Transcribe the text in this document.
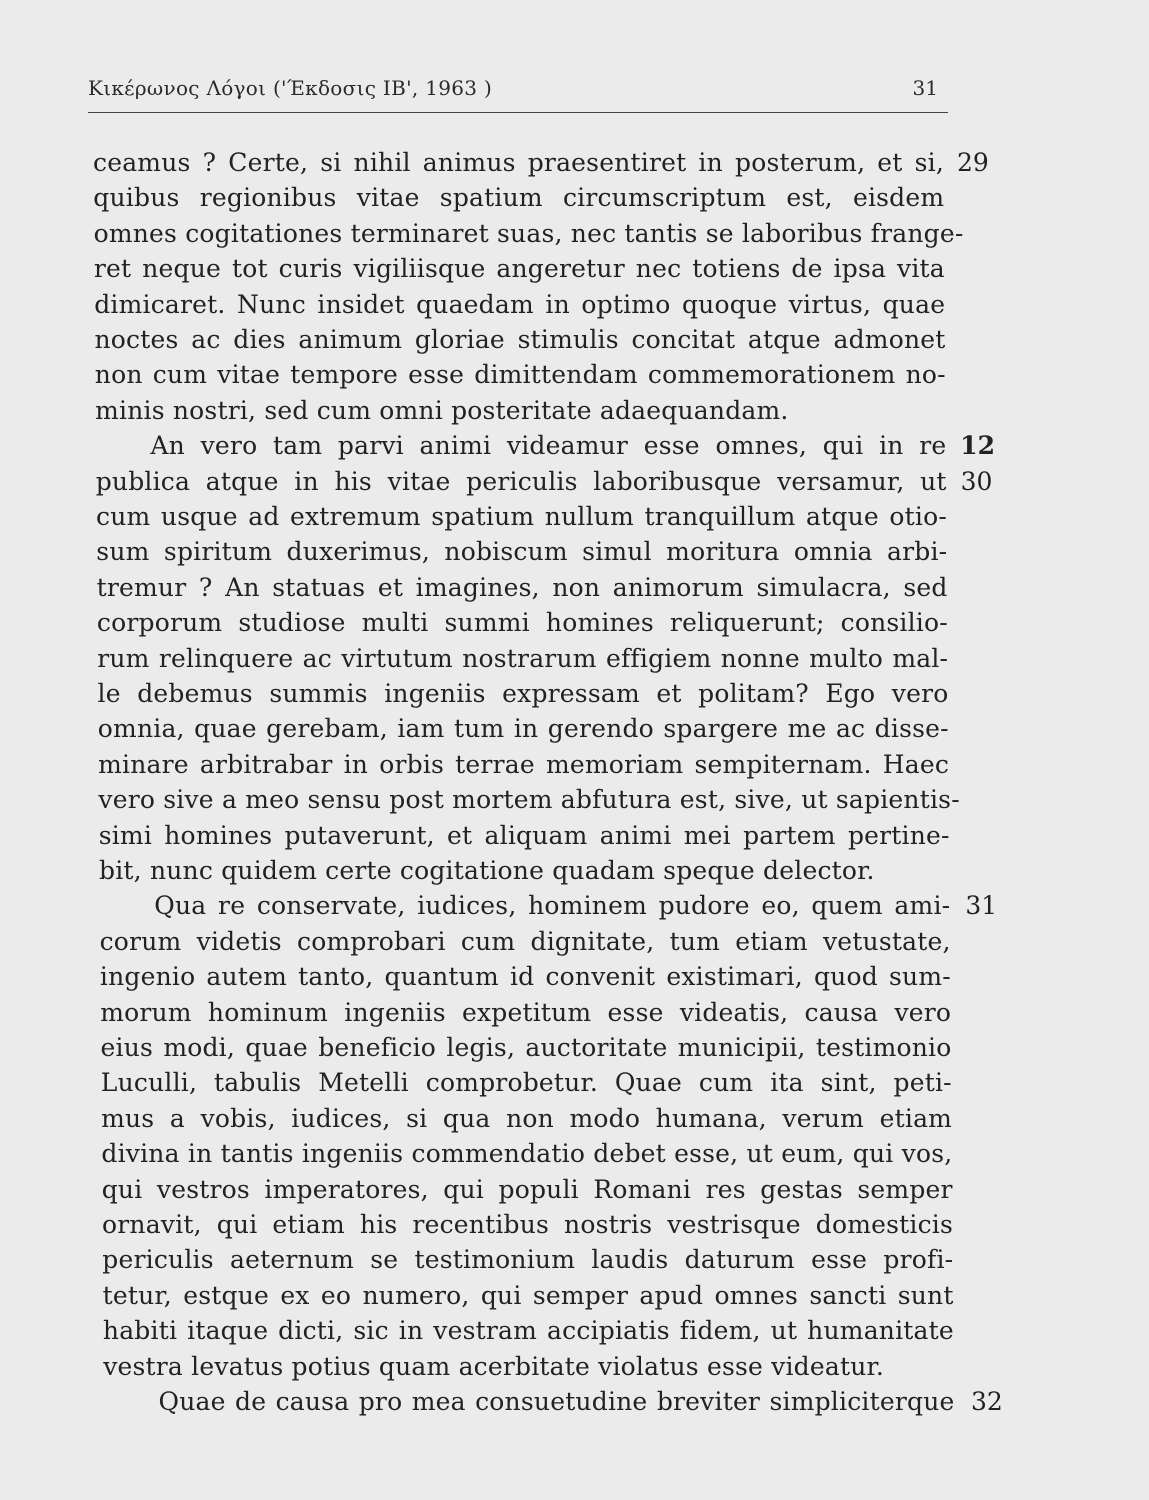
Κικέρωνος Λόγοι ('Έκδοσις ΙΒ', 1963 )	31
ceamus ? Certe, si nihil animus praesentiret in posterum, et si, 29
quibus regionibus vitae spatium circumscriptum est, eisdem
omnes cogitationes terminaret suas, nec tantis se laboribus frange-
ret neque tot curis vigiliisque angeretur nec totiens de ipsa vita
dimicaret. Nunc insidet quaedam in optimo quoque virtus, quae
noctes ac dies animum gloriae stimulis concitat atque admonet
non cum vitae tempore esse dimittendam commemorationem no-
minis nostri, sed cum omni posteritate adaequandam.
An vero tam parvi animi videamur esse omnes, qui in re 12
publica atque in his vitae periculis laboribusque versamur, ut 30
cum usque ad extremum spatium nullum tranquillum atque otio-
sum spiritum duxerimus, nobiscum simul moritura omnia arbi-
tremur ? An statuas et imagines, non animorum simulacra, sed
corporum studiose multi summi homines reliquerunt; consilio-
rum relinquere ac virtutum nostrarum effigiem nonne multo mal-
le debemus summis ingeniis expressam et politam? Ego vero
omnia, quae gerebam, iam tum in gerendo spargere me ac disse-
minare arbitrabar in orbis terrae memoriam sempiternam. Haec
vero sive a meo sensu post mortem abfutura est, sive, ut sapientis-
simi homines putaverunt, et aliquam animi mei partem pertine-
bit, nunc quidem certe cogitatione quadam speque delector.
Qua re conservate, iudices, hominem pudore eo, quem ami- 31
corum videtis comprobari cum dignitate, tum etiam vetustate,
ingenio autem tanto, quantum id convenit existimari, quod sum-
morum hominum ingeniis expetitum esse videatis, causa vero
eius modi, quae beneficio legis, auctoritate municipii, testimonio
Luculli, tabulis Metelli comprobetur. Quae cum ita sint, peti-
mus a vobis, iudices, si qua non modo humana, verum etiam
divina in tantis ingeniis commendatio debet esse, ut eum, qui vos,
qui vestros imperatores, qui populi Romani res gestas semper
ornavit, qui etiam his recentibus nostris vestrisque domesticis
periculis aeternum se testimonium laudis daturum esse profi-
tetur, estque ex eo numero, qui semper apud omnes sancti sunt
habiti itaque dicti, sic in vestram accipiatis fidem, ut humanitate
vestra levatus potius quam acerbitate violatus esse videatur.
Quae de causa pro mea consuetudine breviter simpliciterque 32
